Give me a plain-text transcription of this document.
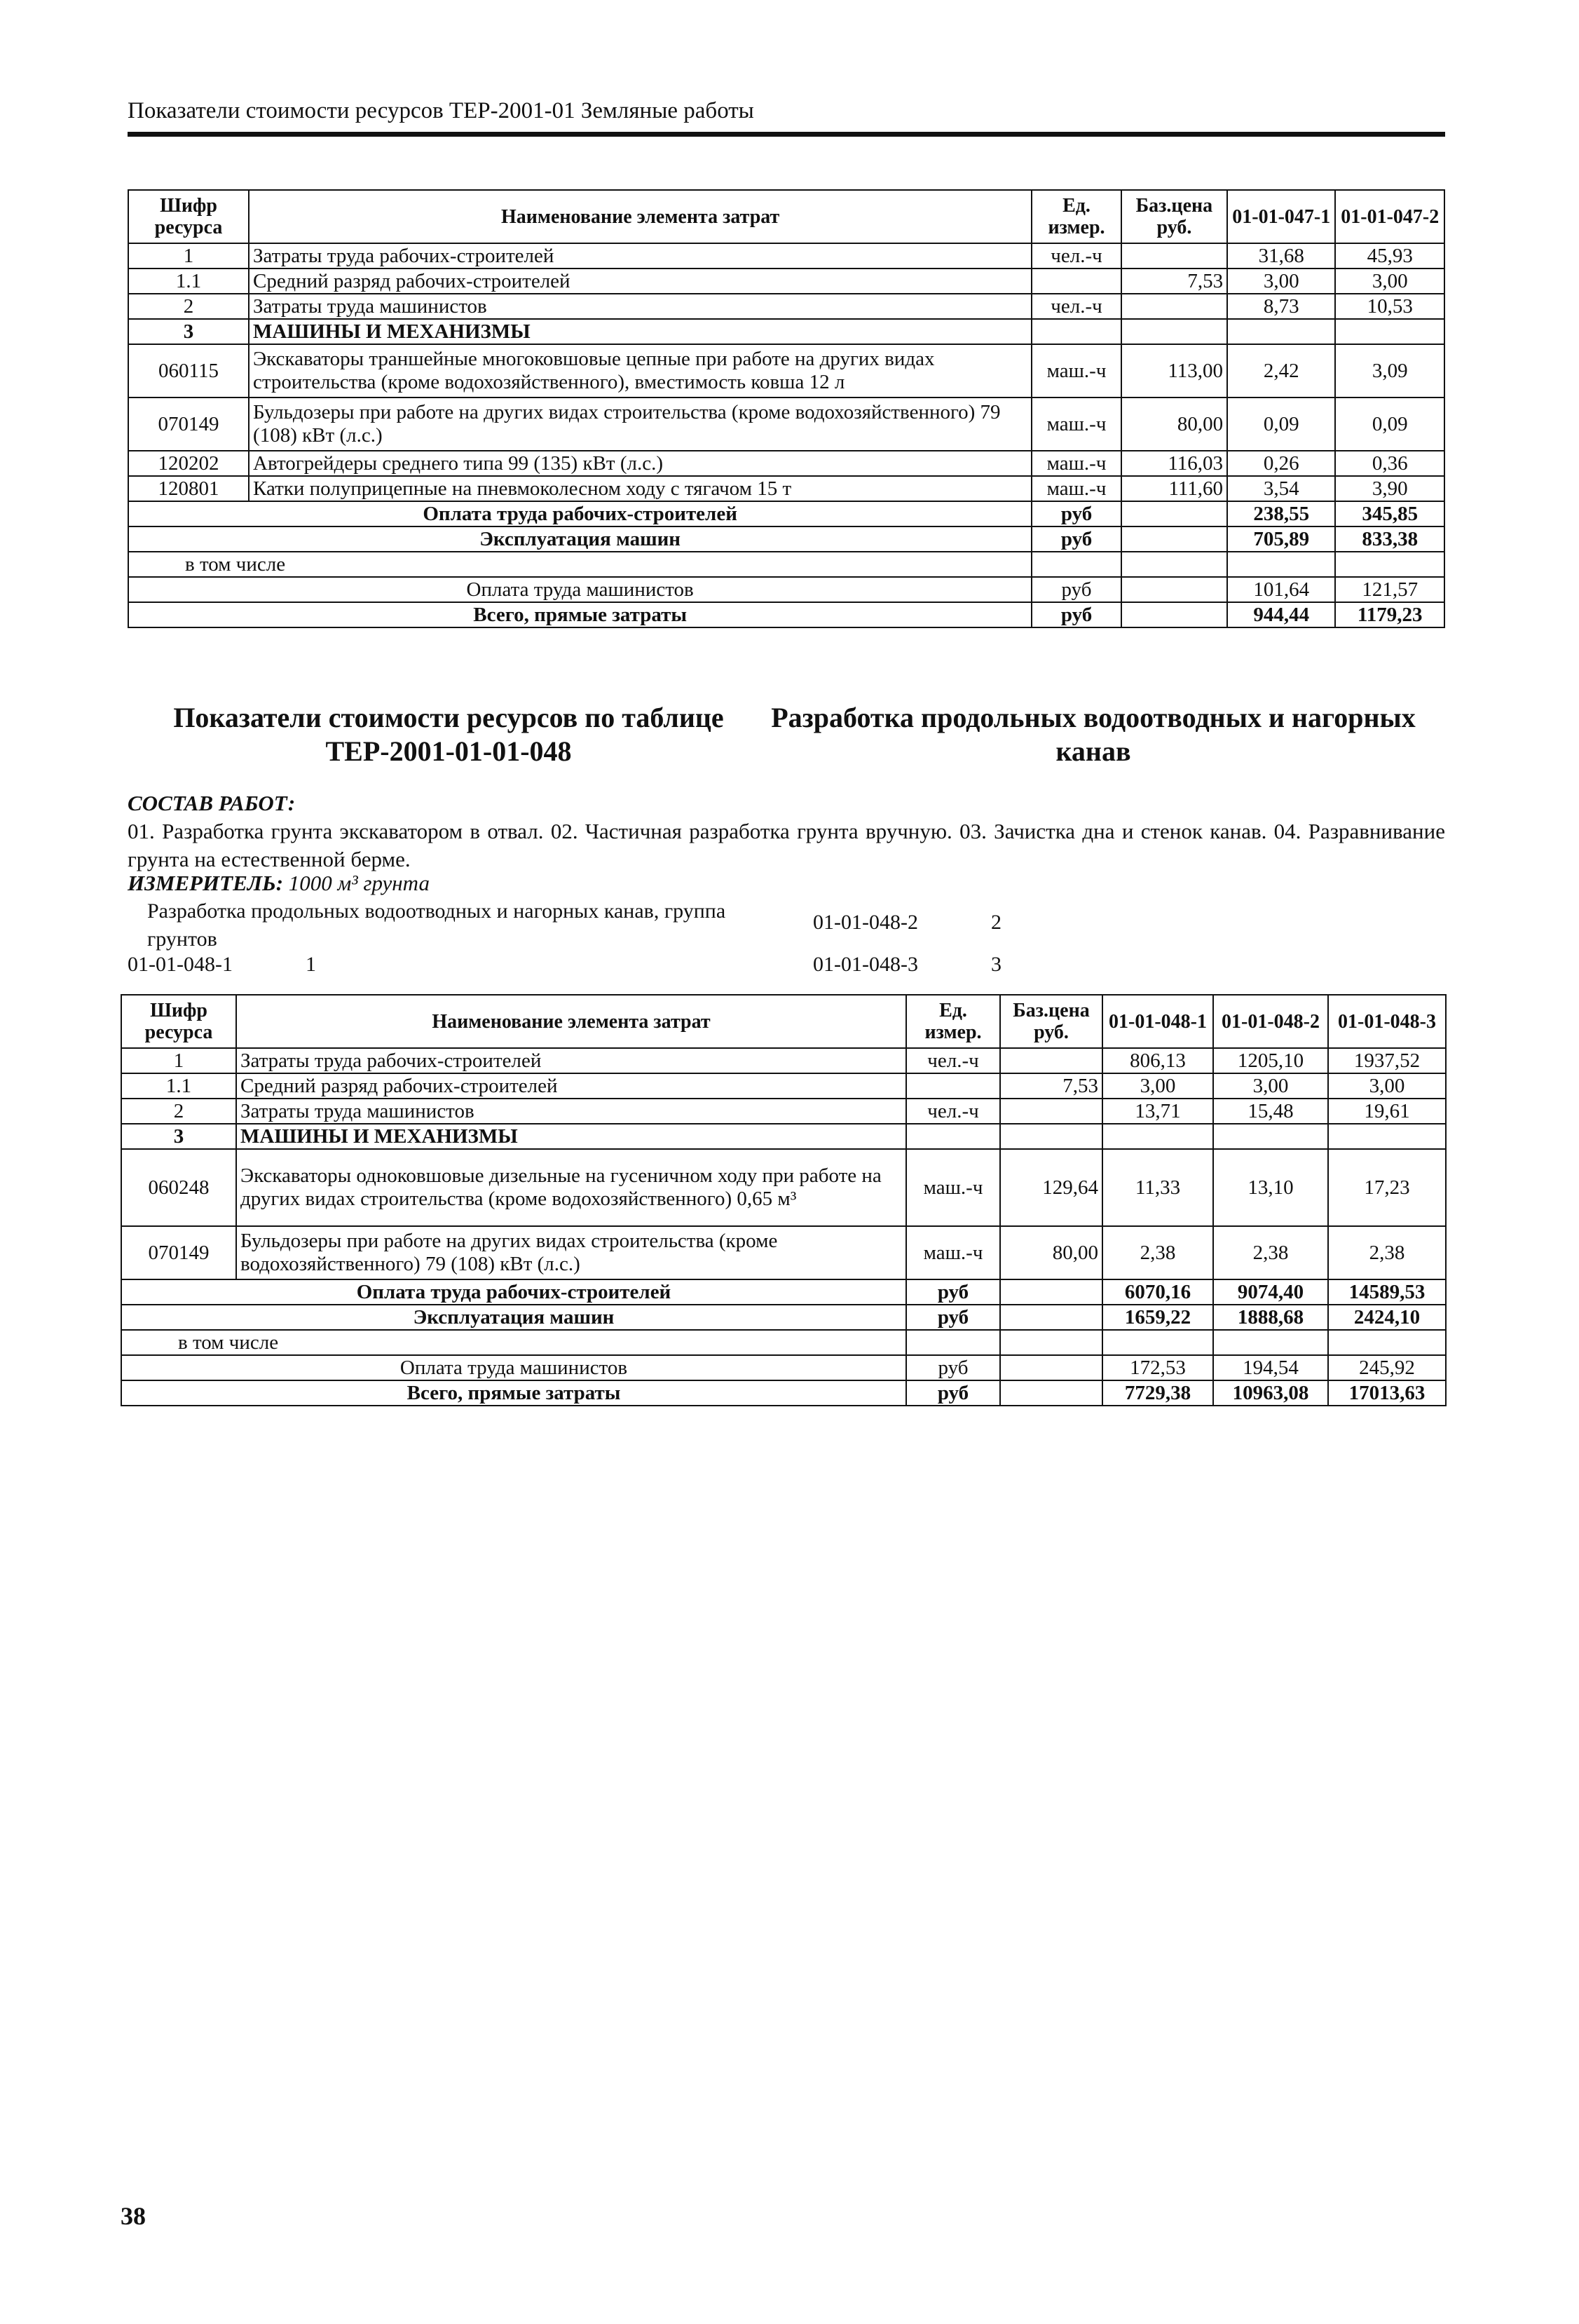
Показатели стоимости ресурсов ТЕР-2001-01 Земляные работы
Шифр ресурса	Наименование элемента затрат	Ед. измер.	Баз.цена руб.	01-01-047-1	01-01-047-2
1	Затраты труда рабочих-строителей	чел.-ч		31,68	45,93
1.1	Средний разряд рабочих-строителей		7,53	3,00	3,00
2	Затраты труда машинистов	чел.-ч		8,73	10,53
3	МАШИНЫ И МЕХАНИЗМЫ				
060115	Экскаваторы траншейные многоковшовые цепные при работе на других видах строительства (кроме водохозяйственного), вместимость ковша 12 л	маш.-ч	113,00	2,42	3,09
070149	Бульдозеры при работе на других видах строительства (кроме водохозяйственного) 79 (108) кВт (л.с.)	маш.-ч	80,00	0,09	0,09
120202	Автогрейдеры среднего типа 99 (135) кВт (л.с.)	маш.-ч	116,03	0,26	0,36
120801	Катки полуприцепные на пневмоколесном ходу с тягачом 15 т	маш.-ч	111,60	3,54	3,90
Оплата труда рабочих-строителей		руб		238,55	345,85
Эксплуатация машин		руб		705,89	833,38
в том числе					
Оплата труда машинистов		руб		101,64	121,57
Всего, прямые затраты		руб		944,44	1179,23
Показатели стоимости ресурсов по таблице ТЕР-2001-01-01-048
Разработка продольных водоотводных и нагорных канав
СОСТАВ РАБОТ:
01. Разработка грунта экскаватором в отвал. 02. Частичная разработка грунта вручную. 03. Зачистка дна и стенок канав. 04. Разравнивание грунта на естественной берме.
ИЗМЕРИТЕЛЬ: 1000 м³ грунта
Разработка продольных водоотводных и нагорных канав, группа грунтов
01-01-048-1	1
01-01-048-2	2
01-01-048-3	3
Шифр ресурса	Наименование элемента затрат	Ед. измер.	Баз.цена руб.	01-01-048-1	01-01-048-2	01-01-048-3
1	Затраты труда рабочих-строителей	чел.-ч		806,13	1205,10	1937,52
1.1	Средний разряд рабочих-строителей		7,53	3,00	3,00	3,00
2	Затраты труда машинистов	чел.-ч		13,71	15,48	19,61
3	МАШИНЫ И МЕХАНИЗМЫ					
060248	Экскаваторы одноковшовые дизельные на гусеничном ходу при работе на других видах строительства (кроме водохозяйственного) 0,65 м³	маш.-ч	129,64	11,33	13,10	17,23
070149	Бульдозеры при работе на других видах строительства (кроме водохозяйственного) 79 (108) кВт (л.с.)	маш.-ч	80,00	2,38	2,38	2,38
Оплата труда рабочих-строителей		руб		6070,16	9074,40	14589,53
Эксплуатация машин		руб		1659,22	1888,68	2424,10
в том числе						
Оплата труда машинистов		руб		172,53	194,54	245,92
Всего, прямые затраты		руб		7729,38	10963,08	17013,63
38
